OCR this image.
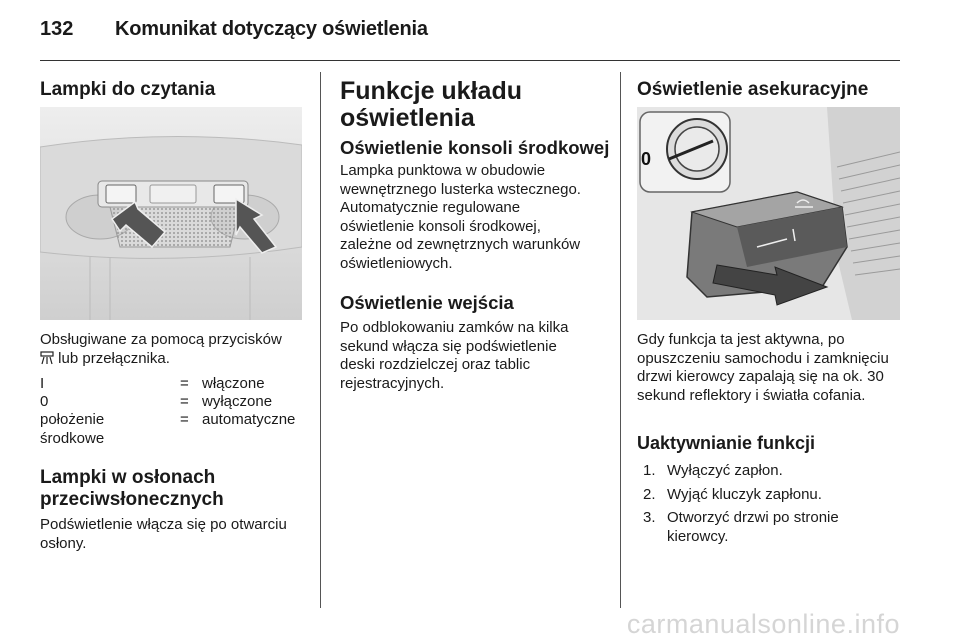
132 Komunikat dotyczący oświetlenia
Lampki do czytania
Obsługiwane za pomocą przycisków
lub przełącznika.
I	= włączone
0	= wyłączone
położenie środkowe
= automatyczne
Lampki w osłonach przeciwsłonecznych
Podświetlenie włącza się po otwarciu osłony.
Funkcje układu oświetlenia
Oświetlenie konsoli środkowej
Lampka punktowa w obudowie wewnętrznego lusterka wstecznego. Automatycznie regulowane oświetlenie konsoli środkowej, zależne od zewnętrznych warunków oświetleniowych.
Oświetlenie wejścia
Po odblokowaniu zamków na kilka sekund włącza się podświetlenie deski rozdzielczej oraz tablic rejestracyjnych.
Oświetlenie asekuracyjne
0
Gdy funkcja ta jest aktywna, po opuszczeniu samochodu i zamknięciu drzwi kierowcy zapalają się na ok. 30 sekund reflektory i światła cofania.
Uaktywnianie funkcji
1. Wyłączyć zapłon.
2. Wyjąć kluczyk zapłonu.
3. Otworzyć drzwi po stronie kierowcy.
carmanualsonline.info
